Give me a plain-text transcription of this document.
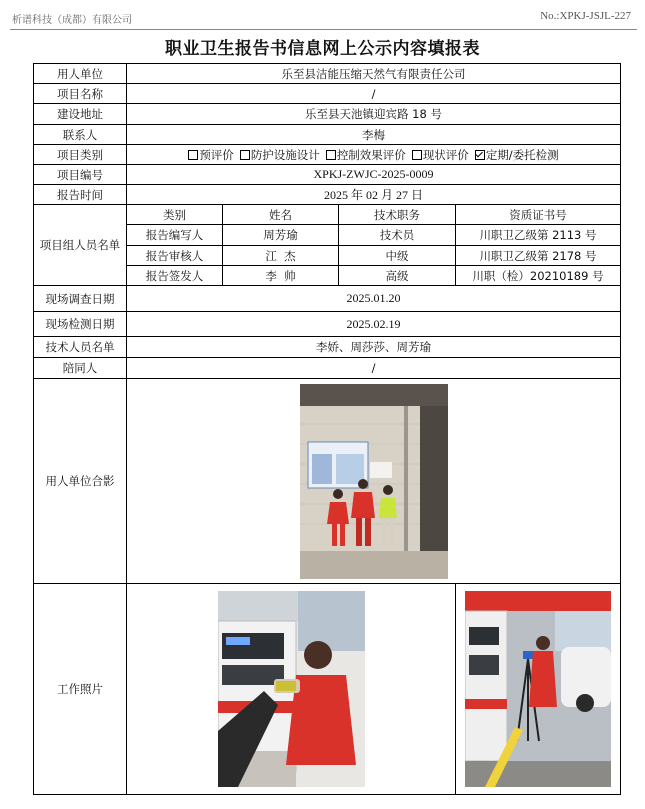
析谱科技（成都）有限公司	No.:XPKJ-JSJL-227
职业卫生报告书信息网上公示内容填报表
用人单位	乐至县洁能压缩天然气有限责任公司			
项目名称	/			
建设地址	乐至县天池镇迎宾路 18 号			
联系人	李梅			
项目类别	预评价 防护设施设计 控制效果评价 现状评价 定期/委托检测			
项目编号	XPKJ-ZWJC-2025-0009			
报告时间	2025 年 02 月 27 日			
项目组人员名单	类别	姓名	技术职务	资质证书号
	报告编写人	周芳瑜	技术员	川职卫乙级第 2113 号
	报告审核人	江  杰	中级	川职卫乙级第 2178 号
	报告签发人	李  帅	高级	川职（检）20210189 号
现场调查日期	2025.01.20			
现场检测日期	2025.02.19			
技术人员名单	李娇、周莎莎、周芳瑜			
陪同人	/			
用人单位合影	

工作照片	
